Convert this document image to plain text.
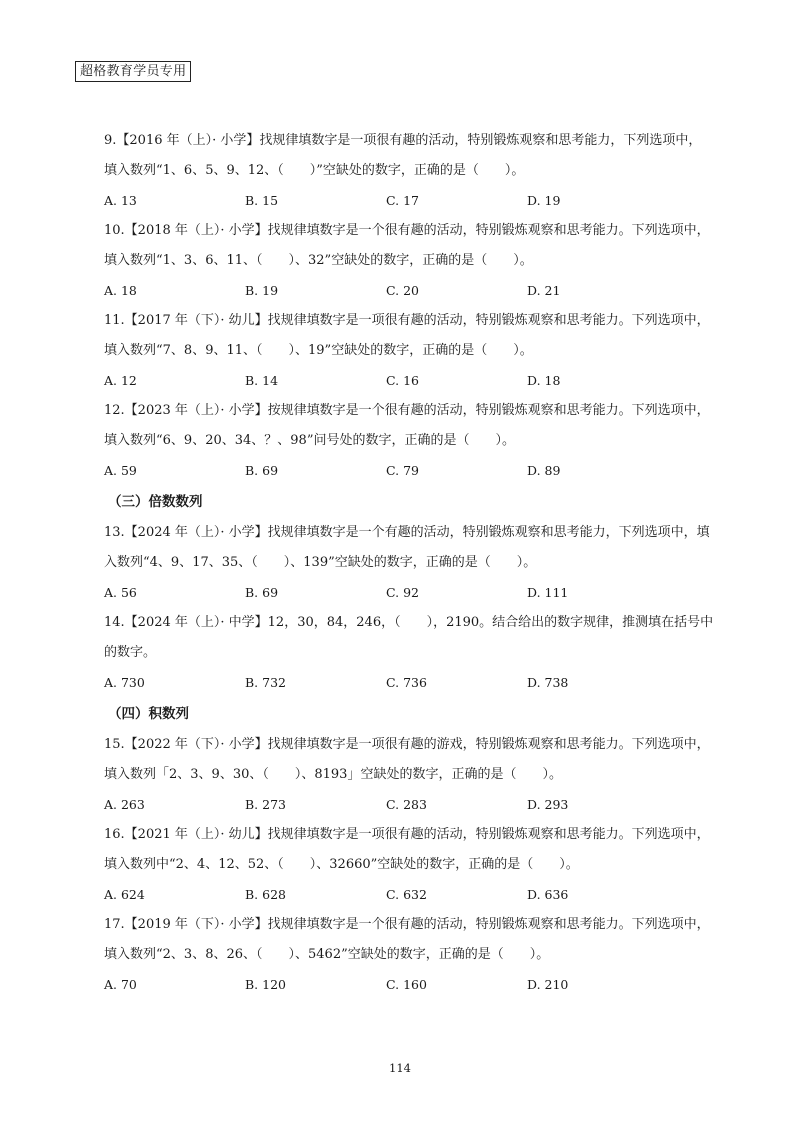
超格教育学员专用
9.【2016 年（上）· 小学】找规律填数字是一项很有趣的活动，特别锻炼观察和思考能力，下列选项中，
填入数列“1、6、5、9、12、（　　）”空缺处的数字，正确的是（　　）。
A. 13	B. 15	C. 17	D. 19
10.【2018 年（上）· 小学】找规律填数字是一个很有趣的活动，特别锻炼观察和思考能力。下列选项中，
填入数列“1、3、6、11、（　　）、32”空缺处的数字，正确的是（　　）。
A. 18	B. 19	C. 20	D. 21
11.【2017 年（下）· 幼儿】找规律填数字是一项很有趣的活动，特别锻炼观察和思考能力。下列选项中，
填入数列“7、8、9、11、（　　）、19”空缺处的数字，正确的是（　　）。
A. 12	B. 14	C. 16	D. 18
12.【2023 年（上）· 小学】按规律填数字是一个很有趣的活动，特别锻炼观察和思考能力。下列选项中，
填入数列“6、9、20、34、？、98”问号处的数字，正确的是（　　）。
A. 59	B. 69	C. 79	D. 89
（三）倍数数列
13.【2024 年（上）· 小学】找规律填数字是一个有趣的活动，特别锻炼观察和思考能力，下列选项中，填
入数列“4、9、17、35、（　　）、139”空缺处的数字，正确的是（　　）。
A. 56	B. 69	C. 92	D. 111
14.【2024 年（上）· 中学】12，30，84，246，（　　），2190。结合给出的数字规律，推测填在括号中
的数字。
A. 730	B. 732	C. 736	D. 738
（四）积数列
15.【2022 年（下）· 小学】找规律填数字是一项很有趣的游戏，特别锻炼观察和思考能力。下列选项中，
填入数列「2、3、9、30、（　　）、8193」空缺处的数字，正确的是（　　）。
A. 263	B. 273	C. 283	D. 293
16.【2021 年（上）· 幼儿】找规律填数字是一项很有趣的活动，特别锻炼观察和思考能力。下列选项中，
填入数列中“2、4、12、52、（　　）、32660”空缺处的数字，正确的是（　　）。
A. 624	B. 628	C. 632	D. 636
17.【2019 年（下）· 小学】找规律填数字是一个很有趣的活动，特别锻炼观察和思考能力。下列选项中，
填入数列“2、3、8、26、（　　）、5462”空缺处的数字，正确的是（　　）。
A. 70	B. 120	C. 160	D. 210
114
